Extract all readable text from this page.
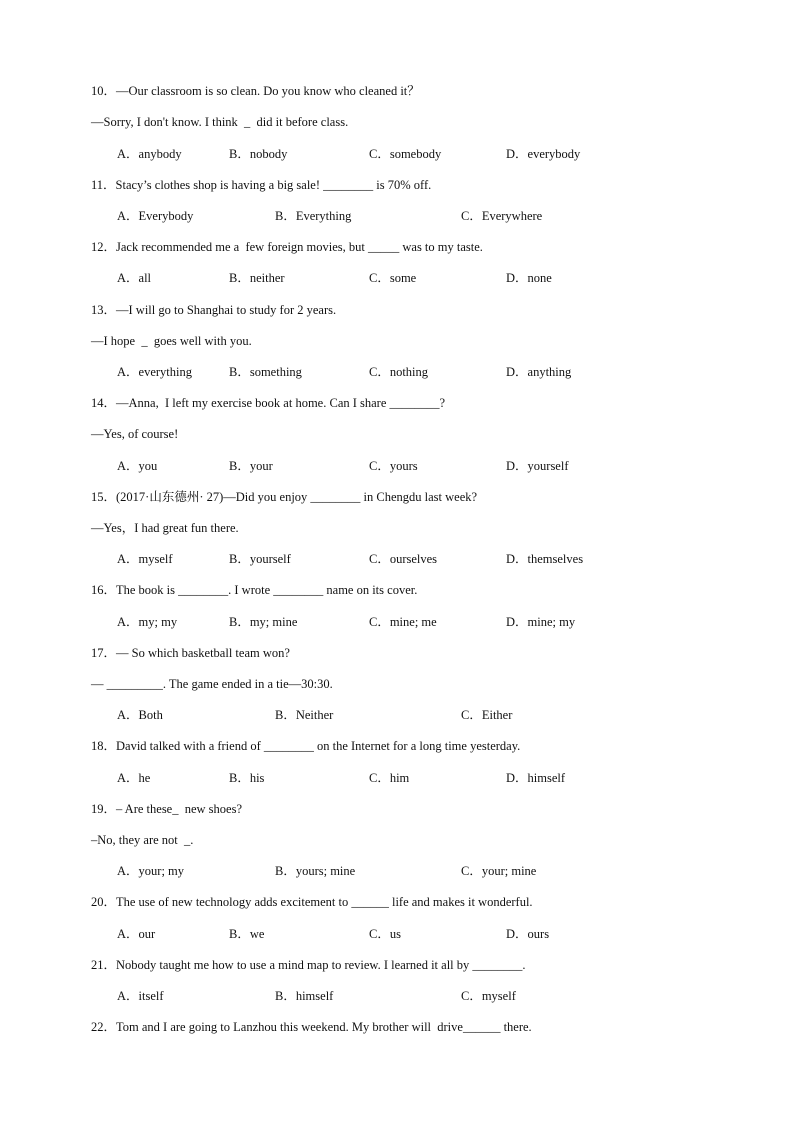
10．—Our classroom is so clean. Do you know who cleaned it？
—Sorry, I don't know. I think  _  did it before class.
A．anybody	B．nobody	C．somebody	D．everybody
11．Stacy’s clothes shop is having a big sale! ________ is 70% off.
A．Everybody	B．Everything	C．Everywhere
12．Jack recommended me a  few foreign movies, but _____ was to my taste.
A．all	B．neither	C．some	D．none
13．—I will go to Shanghai to study for 2 years.
—I hope  _  goes well with you.
A．everything	B．something	C．nothing	D．anything
14．—Anna,  I left my exercise book at home. Can I share ________?
—Yes, of course!
A．you	B．your	C．yours	D．yourself
15．(2017·山东德州· 27)—Did you enjoy ________ in Chengdu last week?
—Yes，I had great fun there.
A．myself	B．yourself	C．ourselves	D．themselves
16．The book is ________. I wrote ________ name on its cover.
A．my; my	B．my; mine	C．mine; me	D．mine; my
17．— So which basketball team won?
— _________. The game ended in a tie—30:30.
A．Both	B．Neither	C．Either
18．David talked with a friend of ________ on the Internet for a long time yesterday.
A．he	B．his	C．him	D．himself
19．– Are these_  new shoes?
–No, they are not  _.
A．your; my	B．yours; mine	C．your; mine
20．The use of new technology adds excitement to ______ life and makes it wonderful.
A．our	B．we	C．us	D．ours
21．Nobody taught me how to use a mind map to review. I learned it all by ________.
A．itself	B．himself	C．myself
22．Tom and I are going to Lanzhou this weekend. My brother will  drive______ there.
